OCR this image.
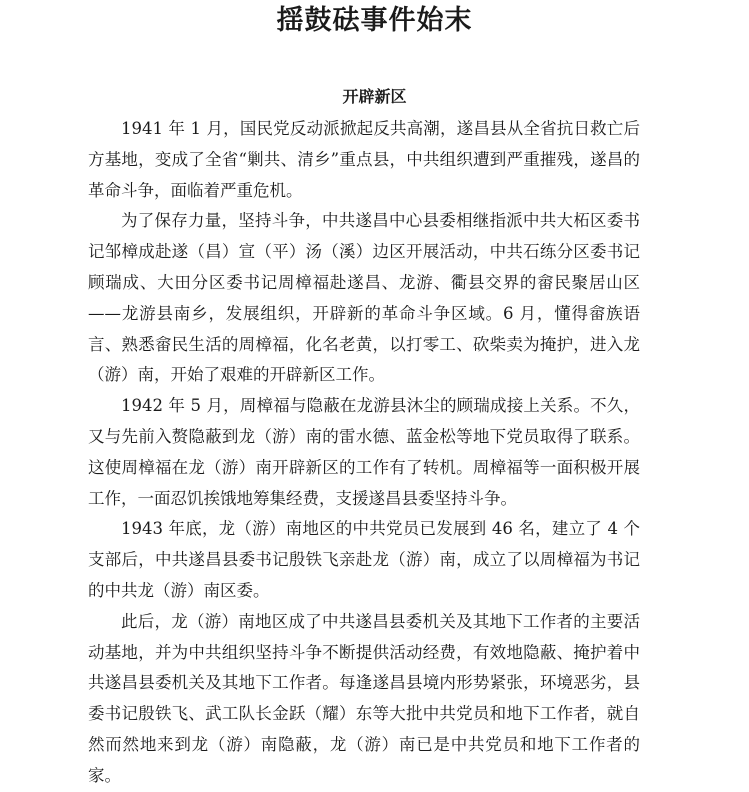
揺鼓砝事件始末
开辟新区

1941 年 1 月，国民党反动派掀起反共高潮，遂昌县从全省抗日救亡后方基地，变成了全省“剿共、清乡”重点县，中共组织遭到严重摧残，遂昌的革命斗争，面临着严重危机。

为了保存力量，坚持斗争，中共遂昌中心县委相继指派中共大柘区委书记邹樟成赴遂（昌）宣（平）汤（溪）边区开展活动，中共石练分区委书记顾瑞成、大田分区委书记周樟福赴遂昌、龙游、衢县交界的畲民聚居山区——龙游县南乡，发展组织，开辟新的革命斗争区域。6 月，懂得畲族语言、熟悉畲民生活的周樟福，化名老黄，以打零工、砍柴卖为掩护，进入龙（游）南，开始了艰难的开辟新区工作。

1942 年 5 月，周樟福与隐蔽在龙游县沐尘的顾瑞成接上关系。不久，又与先前入赘隐蔽到龙（游）南的雷水德、蓝金松等地下党员取得了联系。这使周樟福在龙（游）南开辟新区的工作有了转机。周樟福等一面积极开展工作，一面忍饥挨饿地筹集经费，支援遂昌县委坚持斗争。

1943 年底，龙（游）南地区的中共党员已发展到 46 名，建立了 4 个支部后，中共遂昌县委书记殷铁飞亲赴龙（游）南，成立了以周樟福为书记的中共龙（游）南区委。

此后，龙（游）南地区成了中共遂昌县委机关及其地下工作者的主要活动基地，并为中共组织坚持斗争不断提供活动经费，有效地隐蔽、掩护着中共遂昌县委机关及其地下工作者。每逢遂昌县境内形势紧张，环境恶劣，县委书记殷铁飞、武工队长金跃（耀）东等大批中共党员和地下工作者，就自然而然地来到龙（游）南隐蔽，龙（游）南已是中共党员和地下工作者的家。
